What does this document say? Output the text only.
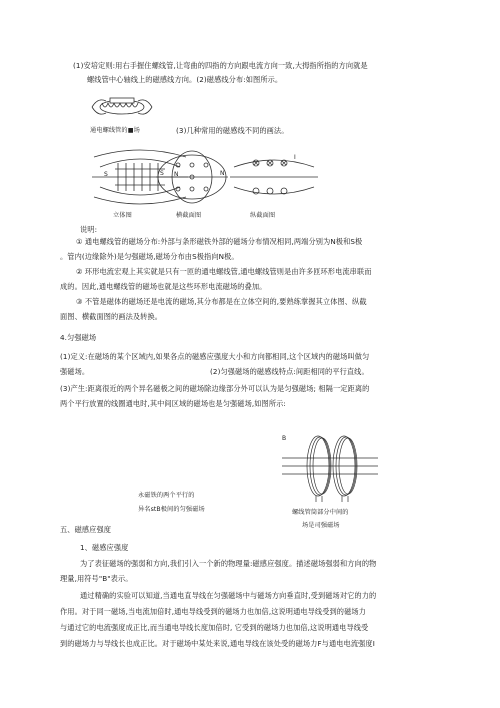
(1)安培定则:用右手握住螺线管,让弯曲的四指的方向跟电流方向一致,大拇指所指的方向就是
螺线管中心轴线上的磁感线方向。(2)磁感线分布:如图所示。
通电螺线管的■场	(3)几种常用的磁感线不同的画法。
S	N
立体图
S	N
横截面图
I
纵截面图
说明:
① 通电螺线管的磁场分布:外部与条形磁铁外部的磁场分布情况相同,两端分别为N极和S极
。管内(边缘除外)是匀强磁场,磁场分布由S极指向N极。
② 环形电流宏观上其实就是只有一匝的通电螺线管,通电螺线管则是由许多匝环形电流串联而
成的。因此,通电螺线管的磁场也就是这些环形电流磁场的叠加。
③ 不管是磁体的磁场还是电流的磁场,其分布都是在立体空间的,要熟练掌握其立体图、纵截
面图、横截面图的画法及转换。
4.匀强磁场
(1)定义:在磁场的某个区域内,如果各点的磁感应强度大小和方向都相同,这个区域内的磁场叫做匀
强磁场。	(2)匀强磁场的磁感线特点:间距相同的平行直线。
(3)产生:距离很近的两个异名磁极之间的磁场除边缘部分外可以认为是匀强磁场; 相隔一定距离的
两个平行放置的线圈通电时,其中间区域的磁场也是匀强磁场,如图所示:
B
永磁铁的两个平行的
异名stB极间的匀强磁场	螺线管筒部分中间的
场是司强磁场
五、磁感应强度
1、磁感应强度
为了表征磁场的强弱和方向,我们引入一个新的物理量:磁感应强度。描述磁场强弱和方向的物
理量,用符号"B"表示。
通过精确的实验可以知道,当通电直导线在匀强磁场中与磁场方向垂直时,受到磁场对它的力的
作用。对于同一磁场,当电流加倍时,通电导线受到的磁场力也加倍,这说明通电导线受到的磁场力
与通过它的电流强度成正比,而当通电导线长度加倍时, 它受到的磁场力也加倍,这说明通电导线受
到的磁场力与导线长也成正比。对于磁场中某处来说,通电导线在该处受的磁场力F与通电电流强度I
